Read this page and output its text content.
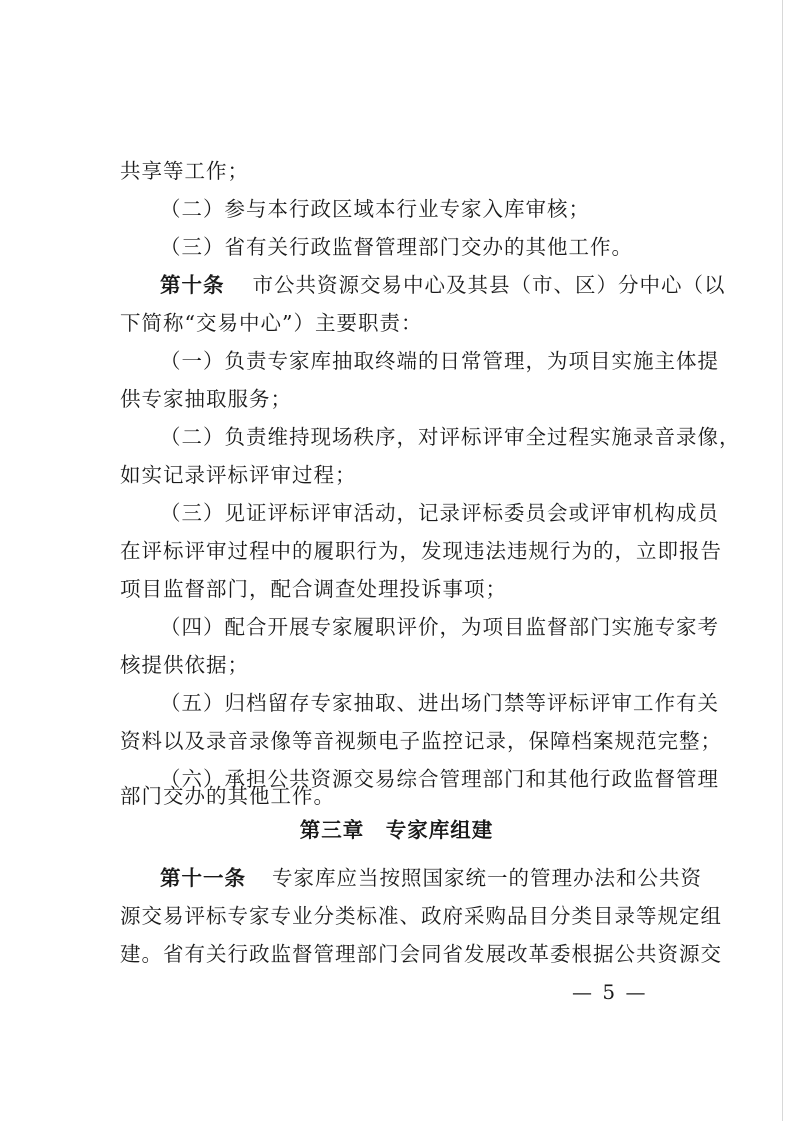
共享等工作；
（二）参与本行政区域本行业专家入库审核；
（三）省有关行政监督管理部门交办的其他工作。
第十条 市公共资源交易中心及其县（市、区）分中心（以
下简称“交易中心”）主要职责：
（一）负责专家库抽取终端的日常管理，为项目实施主体提
供专家抽取服务；
（二）负责维持现场秩序，对评标评审全过程实施录音录像，
如实记录评标评审过程；
（三）见证评标评审活动，记录评标委员会或评审机构成员
在评标评审过程中的履职行为，发现违法违规行为的，立即报告
项目监督部门，配合调查处理投诉事项；
（四）配合开展专家履职评价，为项目监督部门实施专家考
核提供依据；
（五）归档留存专家抽取、进出场门禁等评标评审工作有关
资料以及录音录像等音视频电子监控记录，保障档案规范完整；
（六）承担公共资源交易综合管理部门和其他行政监督管理
第三章　专家库组建
第十一条 专家库应当按照国家统一的管理办法和公共资
源交易评标专家专业分类标准、政府采购品目分类目录等规定组
建。省有关行政监督管理部门会同省发展改革委根据公共资源交
— 5 —
部门交办的其他工作。
